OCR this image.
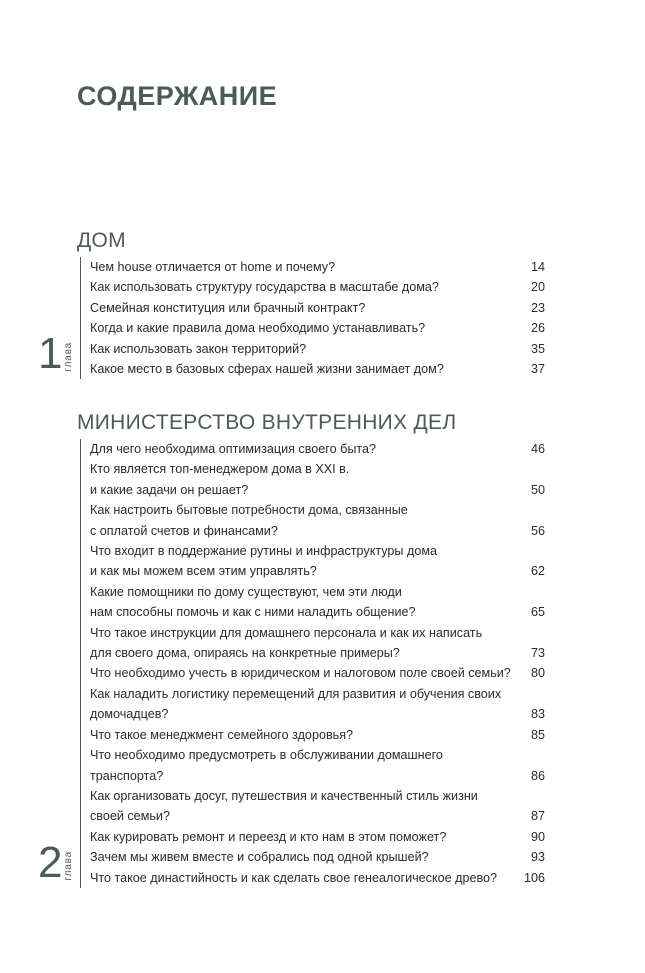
СОДЕРЖАНИЕ
ДОМ
Чем house отличается от home и почему?	14
Как использовать структуру государства в масштабе дома?	20
Семейная конституция или брачный контракт?	23
Когда и какие правила дома необходимо устанавливать?	26
Как использовать закон территорий?	35
Какое место в базовых сферах нашей жизни занимает дом?	37
1 глава
МИНИСТЕРСТВО ВНУТРЕННИХ ДЕЛ
Для чего необходима оптимизация своего быта?	46
Кто является топ-менеджером дома в XXI в.
и какие задачи он решает?	50
Как настроить бытовые потребности дома, связанные
с оплатой счетов и финансами?	56
Что входит в поддержание рутины и инфраструктуры дома
и как мы можем всем этим управлять?	62
Какие помощники по дому существуют, чем эти люди
нам способны помочь и как с ними наладить общение?	65
Что такое инструкции для домашнего персонала и как их написать
для своего дома, опираясь на конкретные примеры?	73
Что необходимо учесть в юридическом и налоговом поле своей семьи? 80
Как наладить логистику перемещений для развития и обучения своих
домочадцев?	83
Что такое менеджмент семейного здоровья?	85
Что необходимо предусмотреть в обслуживании домашнего
транспорта?	86
Как организовать досуг, путешествия и качественный стиль жизни
своей семьи?	87
Как курировать ремонт и переезд и кто нам в этом поможет?	90
Зачем мы живем вместе и собрались под одной крышей?	93
Что такое династийность и как сделать свое генеалогическое древо?	106
2 глава
